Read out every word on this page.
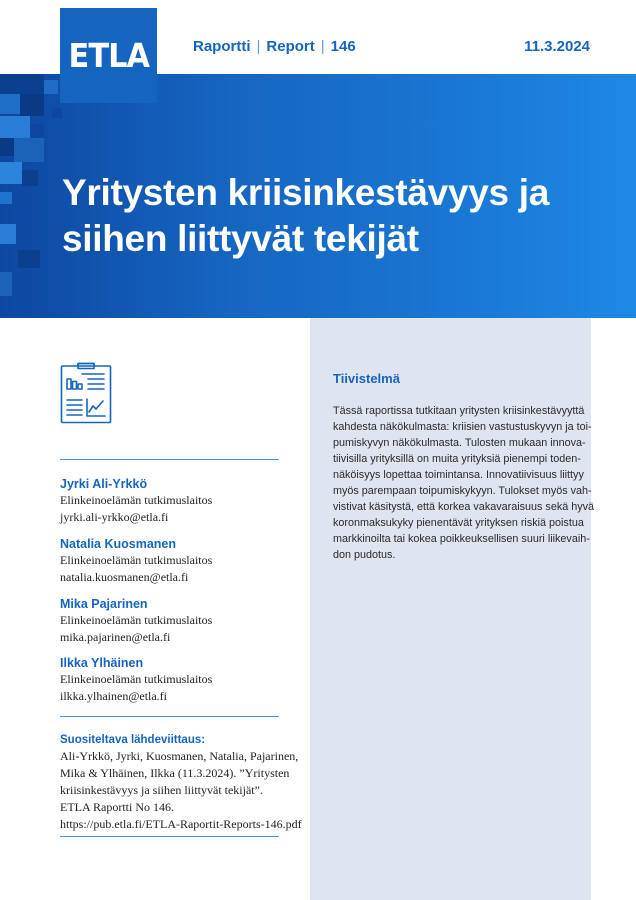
Raportti | Report | 146	11.3.2024
ETLA
Yritysten kriisinkestävyys ja
siihen liittyvät tekijät
Jyrki Ali-Yrkkö
Elinkeinoelämän tutkimuslaitos
jyrki.ali-yrkko@etla.fi
Natalia Kuosmanen
Elinkeinoelämän tutkimuslaitos
natalia.kuosmanen@etla.fi
Mika Pajarinen
Elinkeinoelämän tutkimuslaitos
mika.pajarinen@etla.fi
Ilkka Ylhäinen
Elinkeinoelämän tutkimuslaitos
ilkka.ylhainen@etla.fi
Suositeltava lähdeviittaus:
Ali-Yrkkö, Jyrki, Kuosmanen, Natalia, Pajarinen,
Mika & Ylhäinen, Ilkka (11.3.2024). ”Yritysten
kriisinkestävyys ja siihen liittyvät tekijät”.
ETLA Raportti No 146.
https://pub.etla.fi/ETLA-Raportit-Reports-146.pdf
Tiivistelmä
Tässä raportissa tutkitaan yritysten kriisinkestävyyttä
kahdesta näkökulmasta: kriisien vastustuskyvyn ja toi-
pumiskyvyn näkökulmasta. Tulosten mukaan innova-
tiivisilla yrityksillä on muita yrityksiä pienempi toden-
näköisyys lopettaa toimintansa. Innovatiivisuus liittyy
myös parempaan toipumiskykyyn. Tulokset myös vah-
vistivat käsitystä, että korkea vakavaraisuus sekä hyvä
koronmaksukyky pienentävät yrityksen riskiä poistua
markkinoilta tai kokea poikkeuksellisen suuri liikevaih-
don pudotus.
